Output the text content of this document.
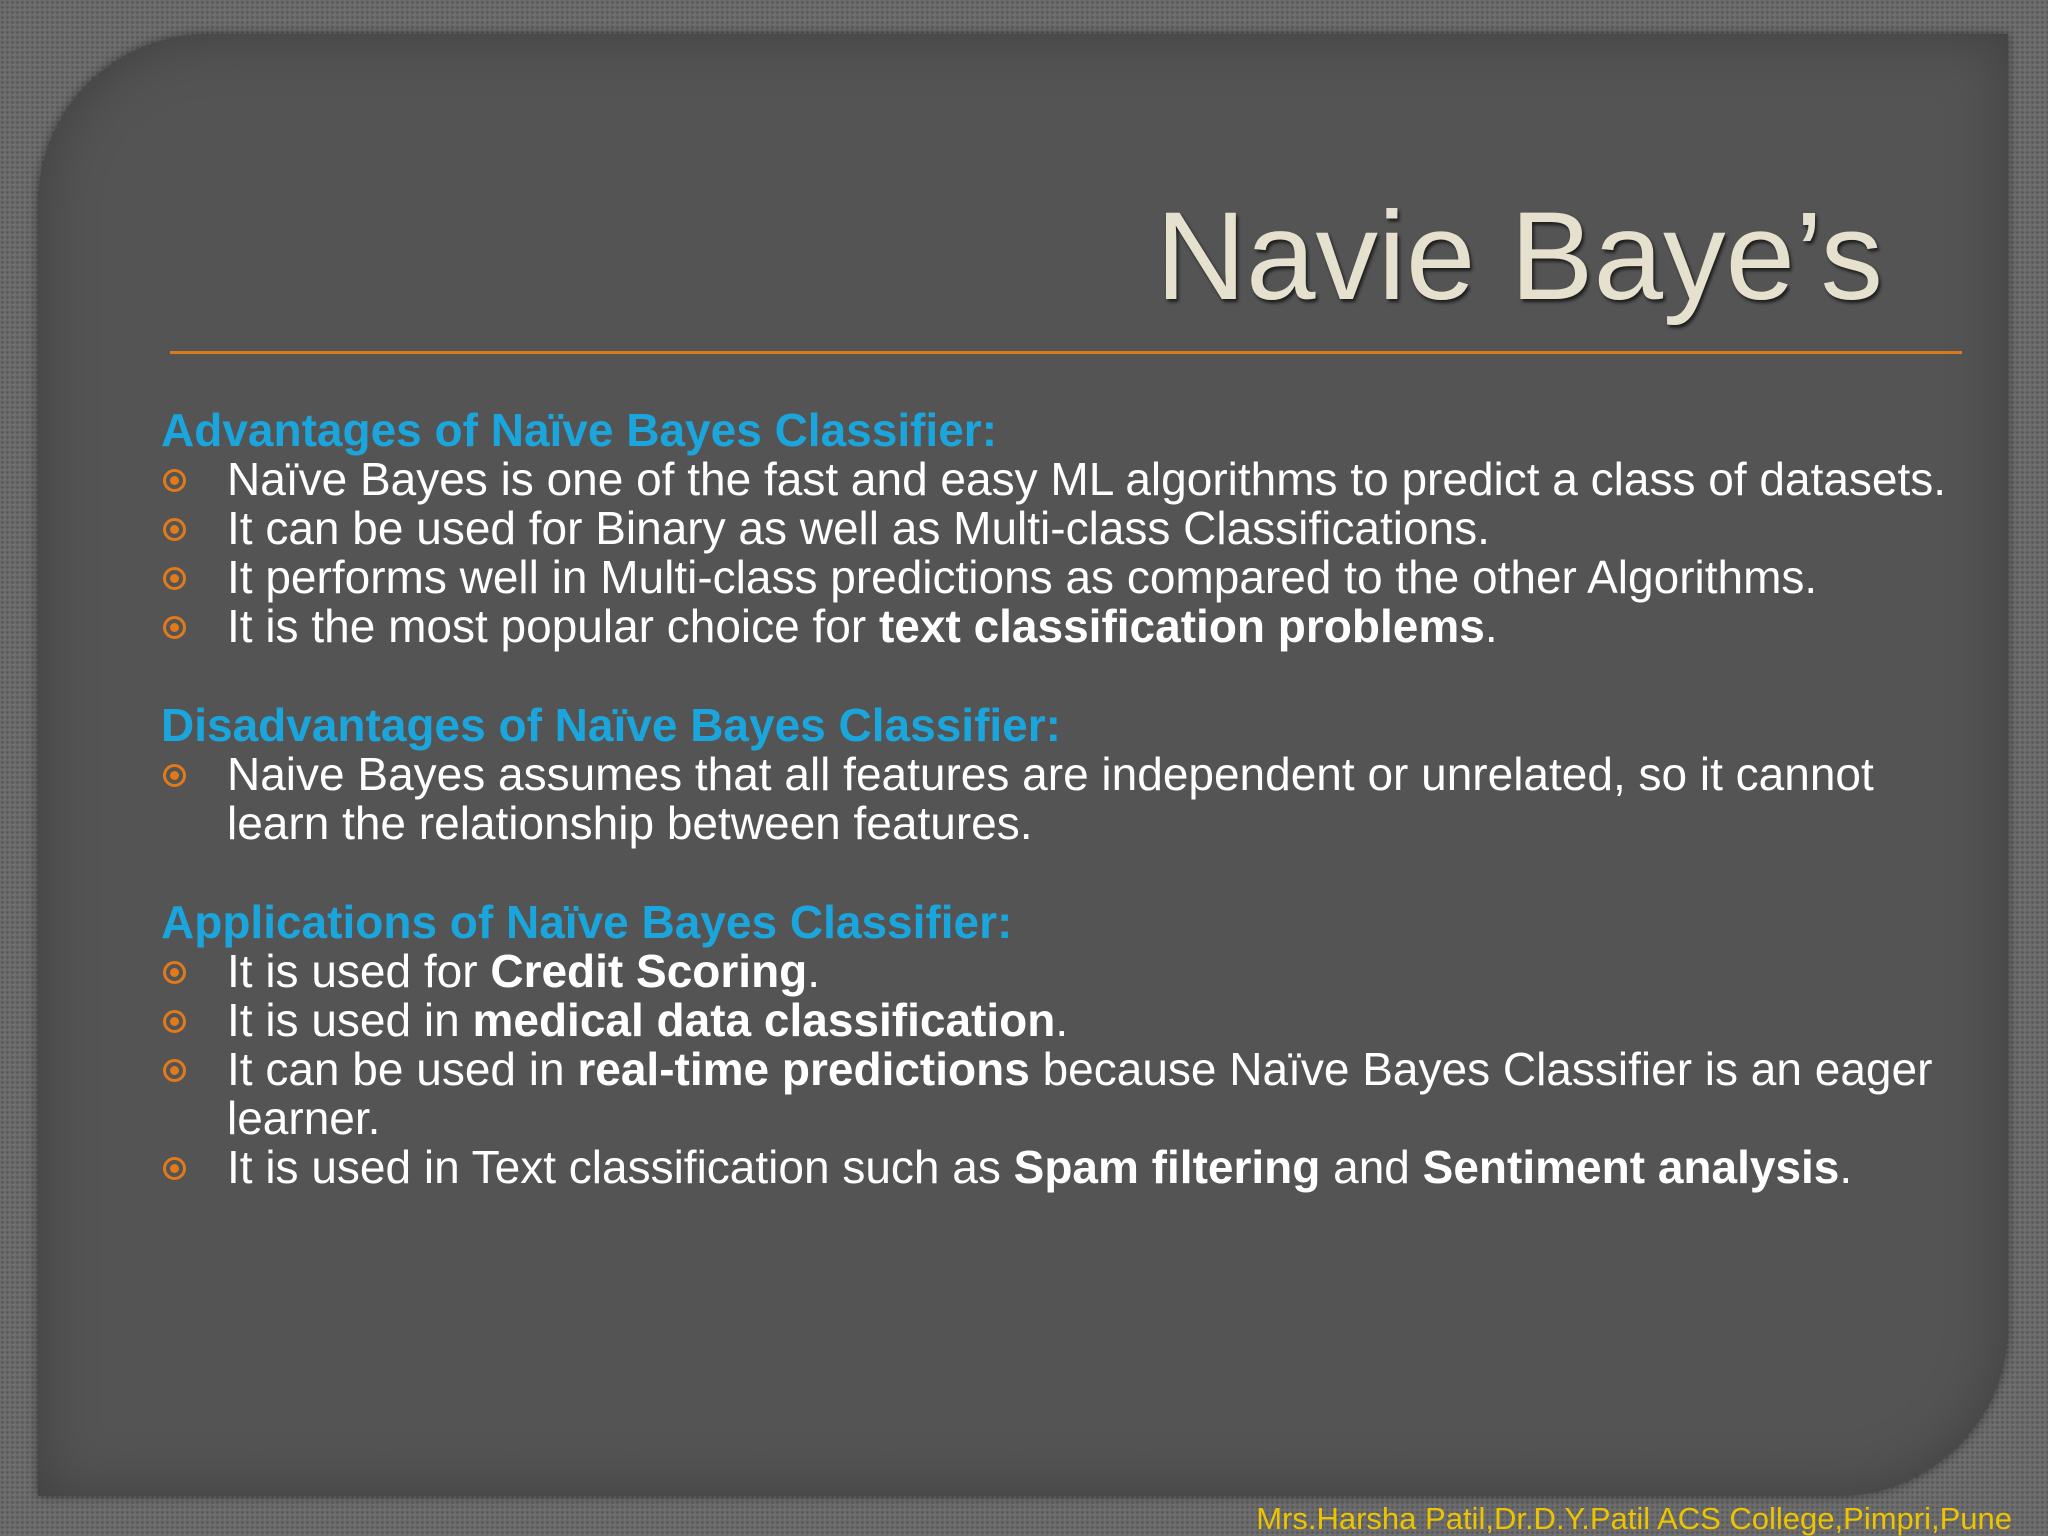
Navie Baye’s
Advantages of Naïve Bayes Classifier:
Naïve Bayes is one of the fast and easy ML algorithms to predict a class of datasets.
It can be used for Binary as well as Multi-class Classifications.
It performs well in Multi-class predictions as compared to the other Algorithms.
It is the most popular choice for text classification problems.
Disadvantages of Naïve Bayes Classifier:
Naive Bayes assumes that all features are independent or unrelated, so it cannot learn the relationship between features.
Applications of Naïve Bayes Classifier:
It is used for Credit Scoring.
It is used in medical data classification.
It can be used in real-time predictions because Naïve Bayes Classifier is an eager learner.
It is used in Text classification such as Spam filtering and Sentiment analysis.
Mrs.Harsha Patil,Dr.D.Y.Patil ACS College,Pimpri,Pune
